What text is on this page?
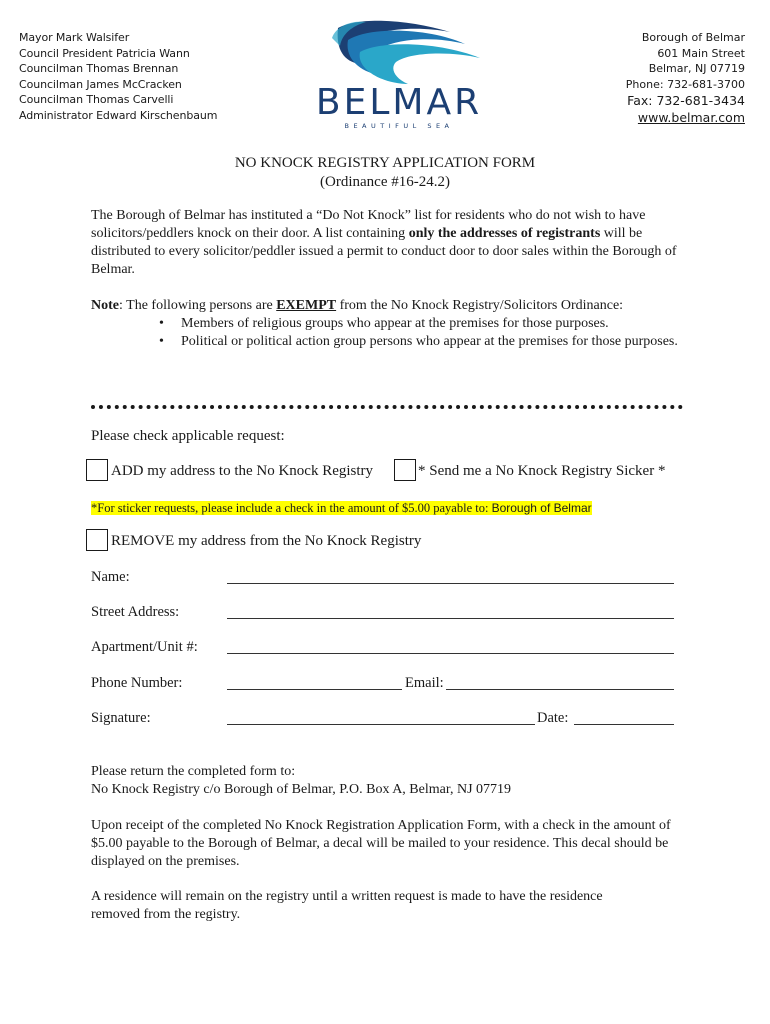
Mayor Mark Walsifer
Council President Patricia Wann
Councilman Thomas Brennan
Councilman James McCracken
Councilman Thomas Carvelli
Administrator Edward Kirschenbaum	BELMAR
BEAUTIFUL SEA
Borough of Belmar
601 Main Street
Belmar, NJ 07719
Phone: 732-681-3700
Fax: 732-681-3434
www.belmar.com
NO KNOCK REGISTRY APPLICATION FORM
(Ordinance #16-24.2)
The Borough of Belmar has instituted a “Do Not Knock” list for residents who do not wish to have solicitors/peddlers knock on their door. A list containing only the addresses of registrants will be distributed to every solicitor/peddler issued a permit to conduct door to door sales within the Borough of Belmar.
Note: The following persons are EXEMPT from the No Knock Registry/Solicitors Ordinance:
• Members of religious groups who appear at the premises for those purposes.
• Political or political action group persons who appear at the premises for those purposes.
Please check applicable request:
ADD my address to the No Knock Registry	* Send me a No Knock Registry Sicker *
*For sticker requests, please include a check in the amount of $5.00 payable to: Borough of Belmar
REMOVE my address from the No Knock Registry
Name:
Street Address:
Apartment/Unit #:
Phone Number:	Email:
Signature:	Date:
Please return the completed form to:
No Knock Registry c/o Borough of Belmar, P.O. Box A, Belmar, NJ 07719
Upon receipt of the completed No Knock Registration Application Form, with a check in the amount of $5.00 payable to the Borough of Belmar, a decal will be mailed to your residence. This decal should be displayed on the premises.
A residence will remain on the registry until a written request is made to have the residence removed from the registry.
